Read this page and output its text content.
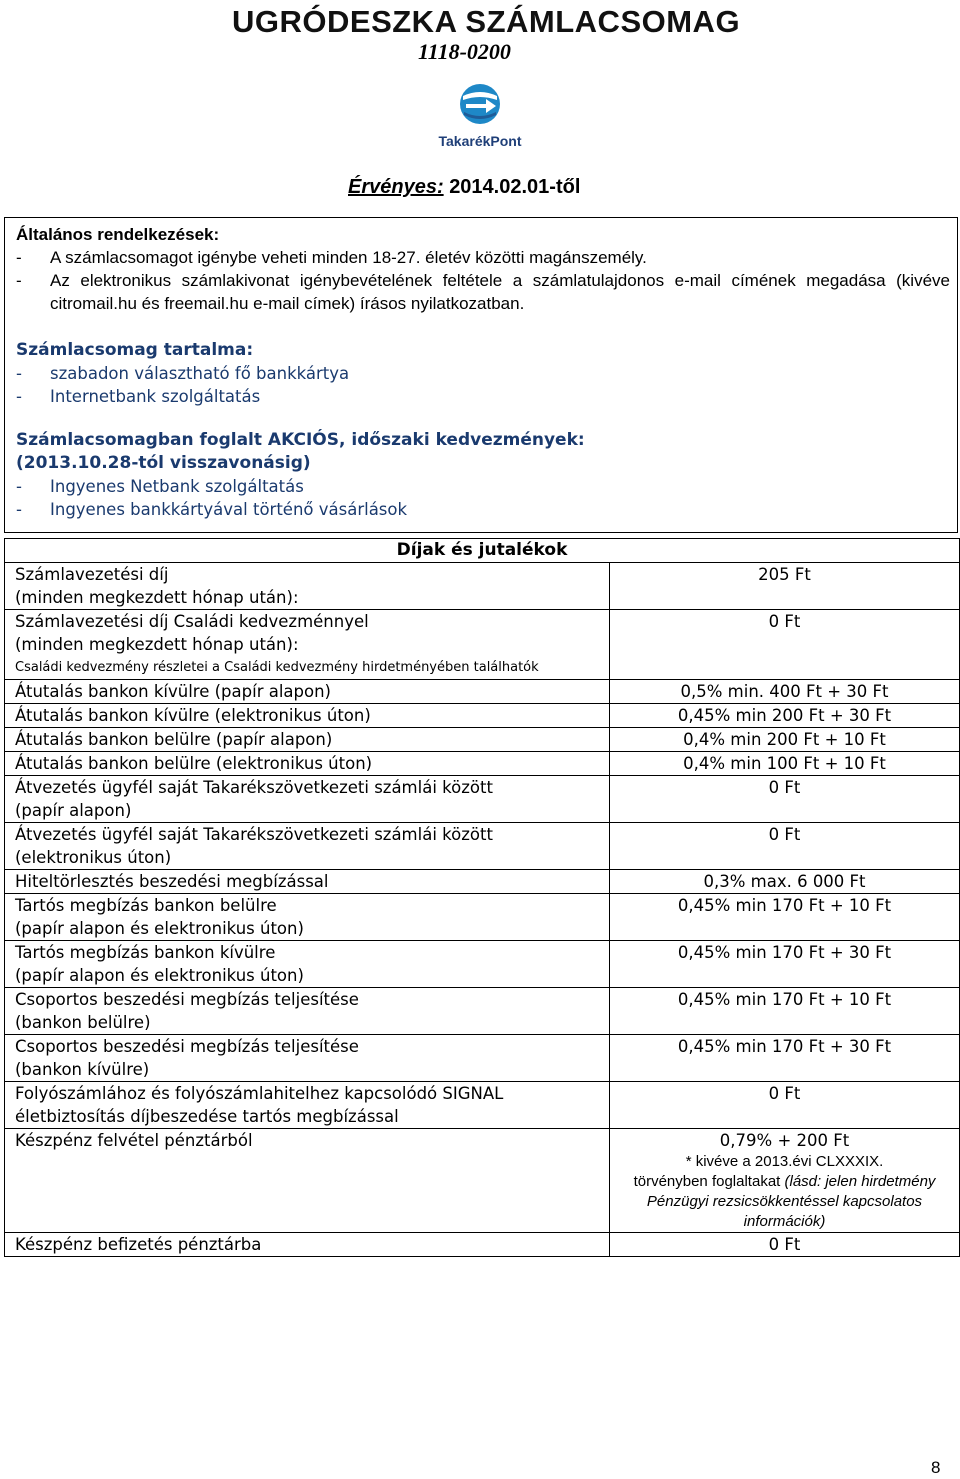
UGRÓDESZKA SZÁMLACSOMAG
1118-0200
TakarékPont
Érvényes: 2014.02.01-től
Általános rendelkezések:
-	A számlacsomagot igénybe veheti minden 18-27. életév közötti magánszemély.
-	Az elektronikus számlakivonat igénybevételének feltétele a számlatulajdonos e-mail címének megadása (kivéve citromail.hu és freemail.hu e-mail címek) írásos nyilatkozatban.
Számlacsomag tartalma:
-	szabadon választható fő bankkártya
-	Internetbank szolgáltatás
Számlacsomagban foglalt AKCIÓS, időszaki kedvezmények: (2013.10.28-tól visszavonásig)
-	Ingyenes Netbank szolgáltatás
-	Ingyenes bankkártyával történő vásárlások
Díjak és jutalékok	

Számlavezetési díj
(minden megkezdett hónap után):	205 Ft

Számlavezetési díj Családi kedvezménnyel
(minden megkezdett hónap után):
Családi kedvezmény részletei a Családi kedvezmény hirdetményében találhatók	0 Ft
Átutalás bankon kívülre (papír alapon)	0,5% min. 400 Ft + 30 Ft
Átutalás bankon kívülre (elektronikus úton)	0,45% min 200 Ft + 30 Ft
Átutalás bankon belülre (papír alapon)	0,4% min 200 Ft + 10 Ft
Átutalás bankon belülre (elektronikus úton)	0,4% min 100 Ft + 10 Ft

Átvezetés ügyfél saját Takarékszövetkezeti számlái között
(papír alapon)	0 Ft

Átvezetés ügyfél saját Takarékszövetkezeti számlái között
(elektronikus úton)	0 Ft
Hiteltörlesztés beszedési megbízással	0,3% max. 6 000 Ft

Tartós megbízás bankon belülre
(papír alapon és elektronikus úton)	0,45% min 170 Ft + 10 Ft

Tartós megbízás bankon kívülre
(papír alapon és elektronikus úton)	0,45% min 170 Ft + 30 Ft

Csoportos beszedési megbízás teljesítése
(bankon belülre)	0,45% min 170 Ft + 10 Ft

Csoportos beszedési megbízás teljesítése
(bankon kívülre)	0,45% min 170 Ft + 30 Ft

Folyószámlához és folyószámlahitelhez kapcsolódó SIGNAL
életbiztosítás díjbeszedése tartós megbízással	0 Ft
Készpénz felvétel pénztárból	0,79% + 200 Ft
* kivéve a 2013.évi CLXXXIX.
törvényben foglaltakat (lásd: jelen hirdetmény Pénzügyi rezsicsökkentéssel kapcsolatos információk)

Készpénz befizetés pénztárba	0 Ft
8
